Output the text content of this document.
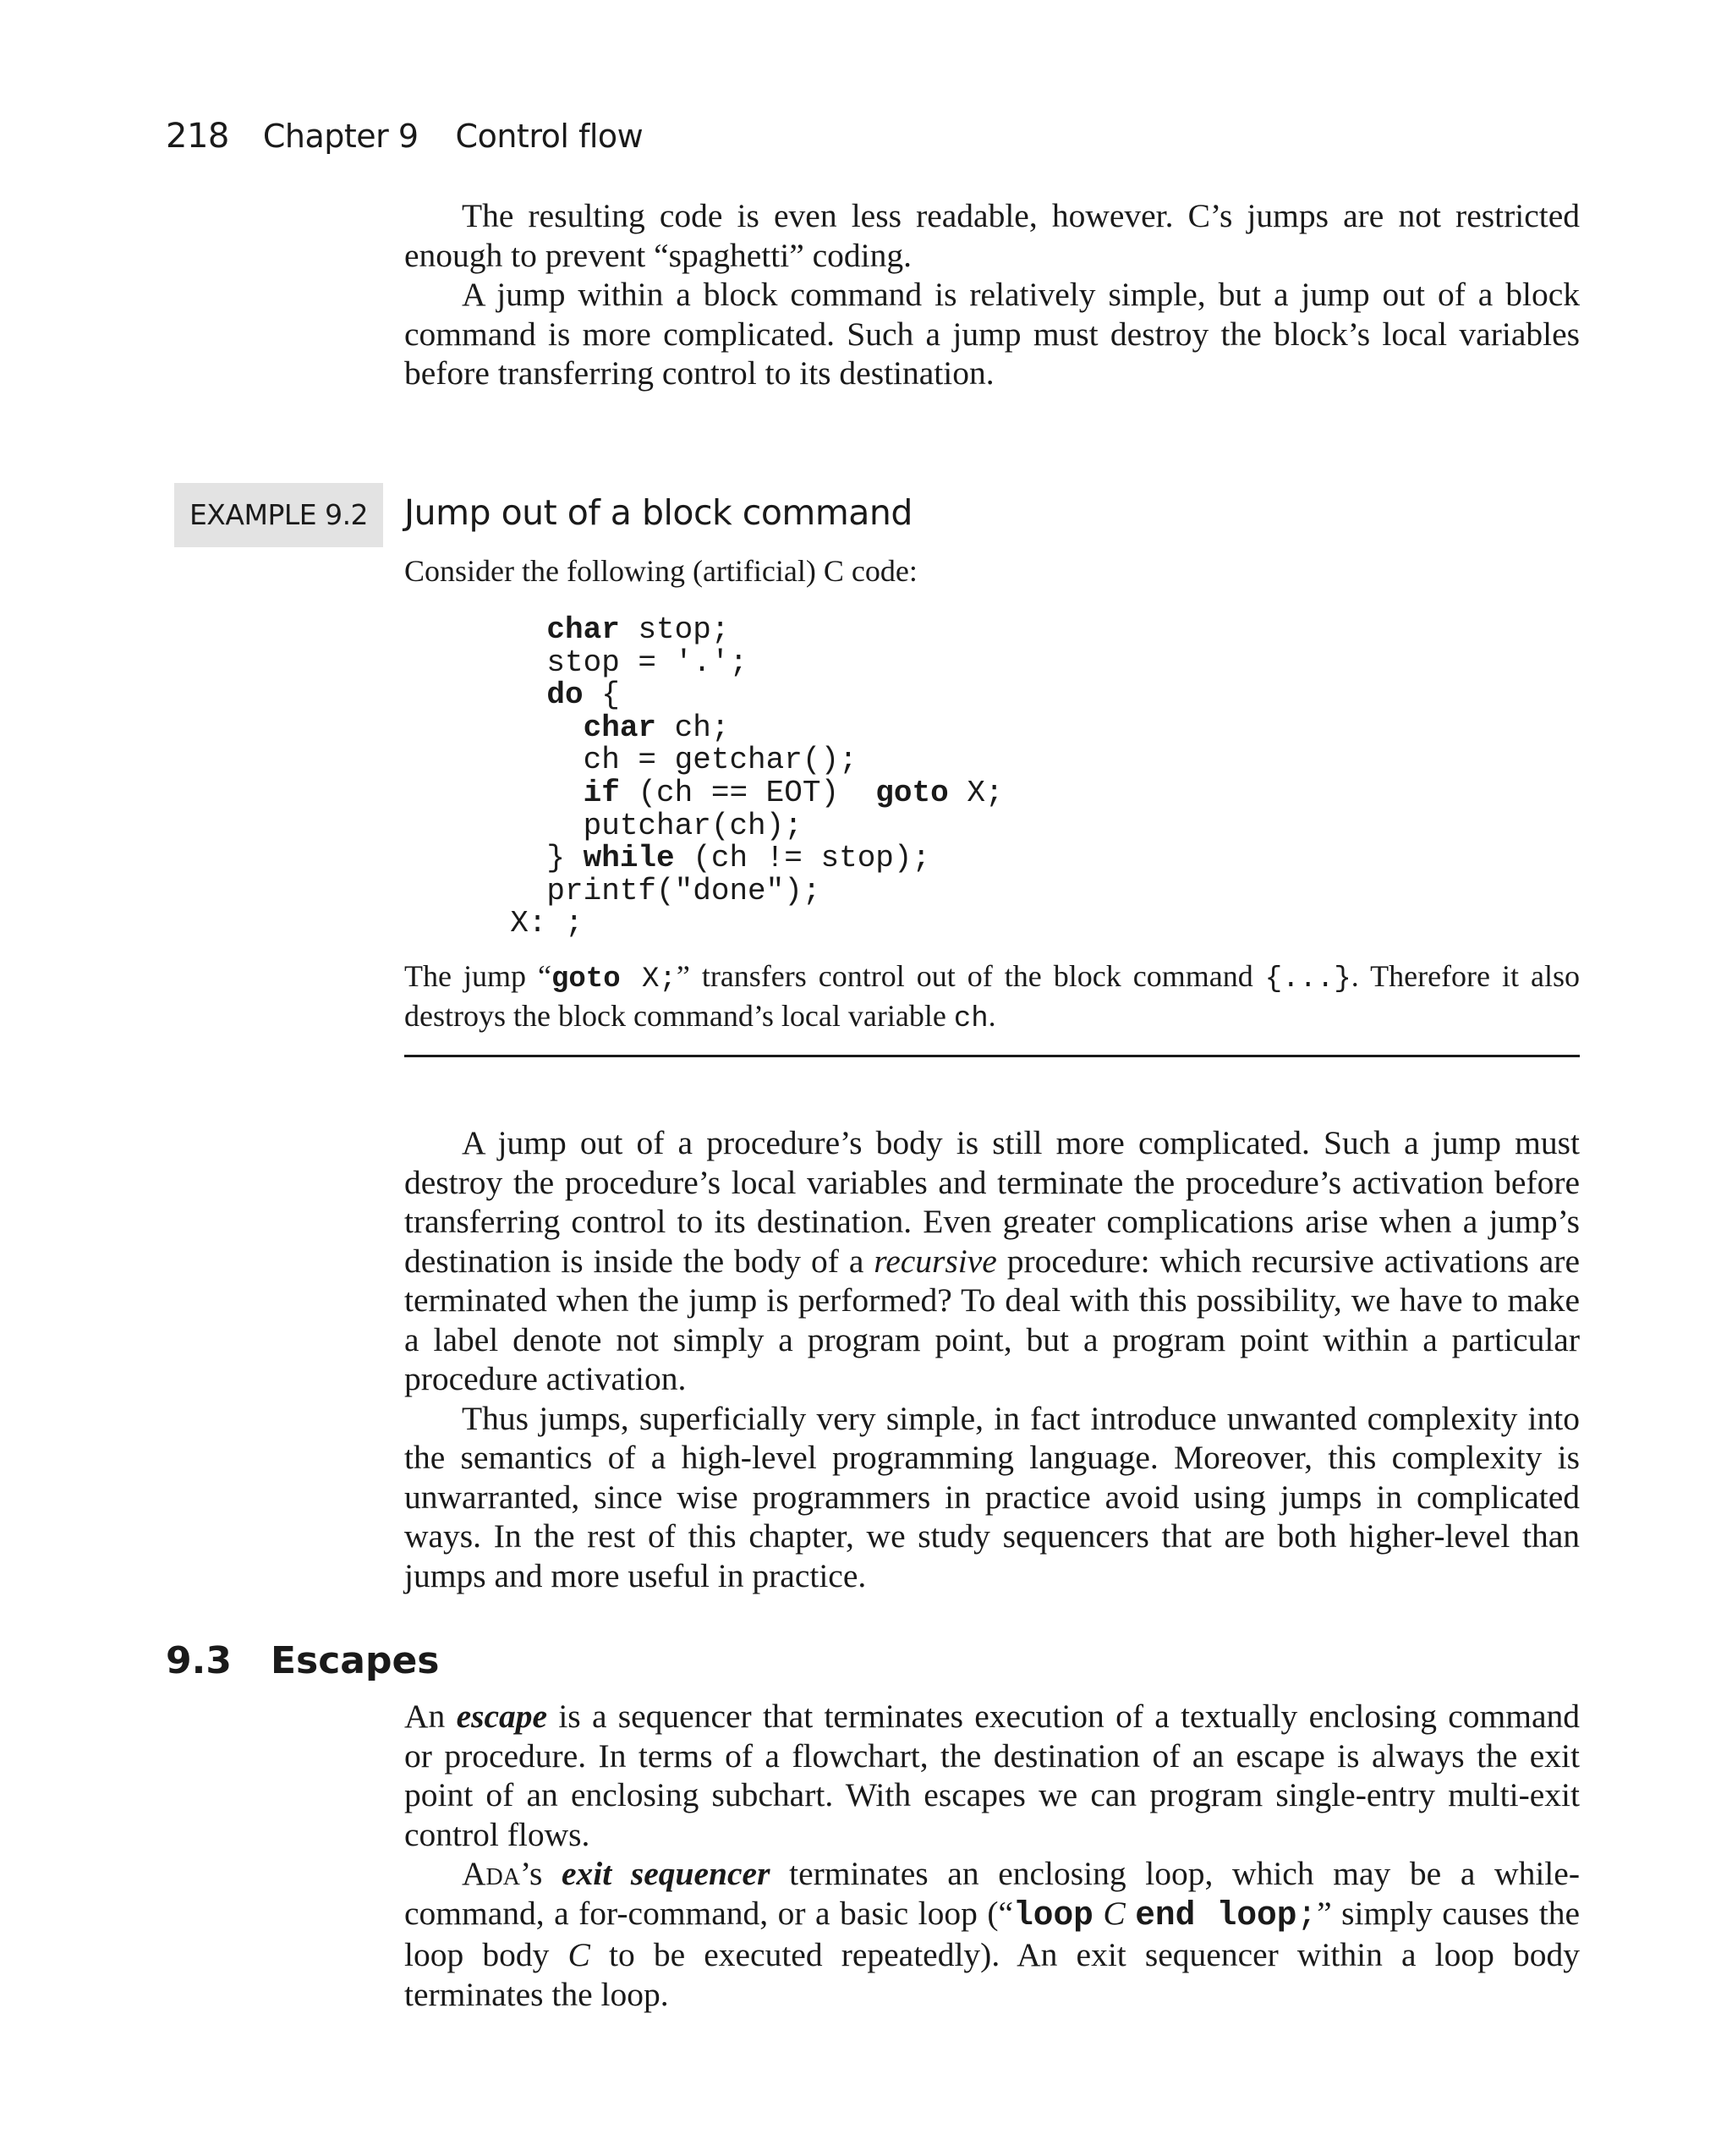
218 Chapter 9 Control flow

The resulting code is even less readable, however. C’s jumps are not restricted enough to prevent “spaghetti” coding.

A jump within a block command is relatively simple, but a jump out of a block command is more complicated. Such a jump must destroy the block’s local variables before transferring control to its destination.

EXAMPLE 9.2	Jump out of a block command
Consider the following (artificial) C code:
char stop;
stop = '.';
do {
char ch;
ch = getchar();
if (ch == EOT)  goto X;
putchar(ch);
} while (ch != stop);
printf("done");
X: ;

The jump “goto X;” transfers control out of the block command {...}. Therefore it also destroys the block command’s local variable ch.

A jump out of a procedure’s body is still more complicated. Such a jump must destroy the procedure’s local variables and terminate the procedure’s activation before transferring control to its destination. Even greater complications arise when a jump’s destination is inside the body of a recursive procedure: which recursive activations are terminated when the jump is performed? To deal with this possibility, we have to make a label denote not simply a program point, but a program point within a particular procedure activation.

Thus jumps, superficially very simple, in fact introduce unwanted complexity into the semantics of a high-level programming language. Moreover, this complexity is unwarranted, since wise programmers in practice avoid using jumps in complicated ways. In the rest of this chapter, we study sequencers that are both higher-level than jumps and more useful in practice.

9.3 Escapes

An escape is a sequencer that terminates execution of a textually enclosing command or procedure. In terms of a flowchart, the destination of an escape is always the exit point of an enclosing subchart. With escapes we can program single-entry multi-exit control flows.

Ada’s exit sequencer terminates an enclosing loop, which may be a while-command, a for-command, or a basic loop (“loop C end loop;” simply causes the loop body C to be executed repeatedly). An exit sequencer within a loop body terminates the loop.
